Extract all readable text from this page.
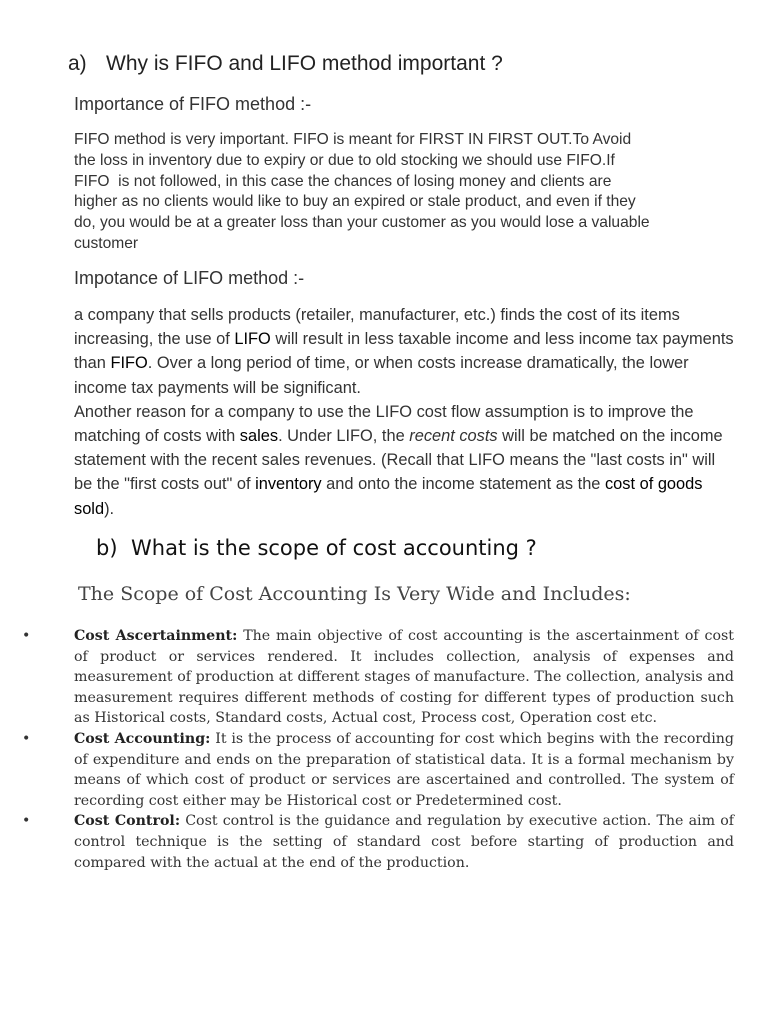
a) Why is FIFO and LIFO method important ?
Importance of FIFO method :-
FIFO method is very important. FIFO is meant for FIRST IN FIRST OUT.To Avoid
the loss in inventory due to expiry or due to old stocking we should use FIFO.If
FIFO  is not followed, in this case the chances of losing money and clients are
higher as no clients would like to buy an expired or stale product, and even if they
do, you would be at a greater loss than your customer as you would lose a valuable
customer
Impotance of LIFO method :-
a company that sells products (retailer, manufacturer, etc.) finds the cost of its items increasing, the use of LIFO will result in less taxable income and less income tax payments than FIFO. Over a long period of time, or when costs increase dramatically, the lower income tax payments will be significant.
Another reason for a company to use the LIFO cost flow assumption is to improve the matching of costs with sales. Under LIFO, the recent costs will be matched on the income statement with the recent sales revenues. (Recall that LIFO means the "last costs in" will be the "first costs out" of inventory and onto the income statement as the cost of goods sold).
b) What is the scope of cost accounting ?
The Scope of Cost Accounting Is Very Wide and Includes:
•	Cost Ascertainment: The main objective of cost accounting is the ascertainment of cost of product or services rendered. It includes collection, analysis of expenses and measurement of production at different stages of manufacture. The collection, analysis and measurement requires different methods of costing for different types of production such as Historical costs, Standard costs, Actual cost, Process cost, Operation cost etc.
•	Cost Accounting: It is the process of accounting for cost which begins with the recording of expenditure and ends on the preparation of statistical data. It is a formal mechanism by means of which cost of product or services are ascertained and controlled. The system of recording cost either may be Historical cost or Predetermined cost.
•	Cost Control: Cost control is the guidance and regulation by executive action. The aim of control technique is the setting of standard cost before starting of production and compared with the actual at the end of the production.
